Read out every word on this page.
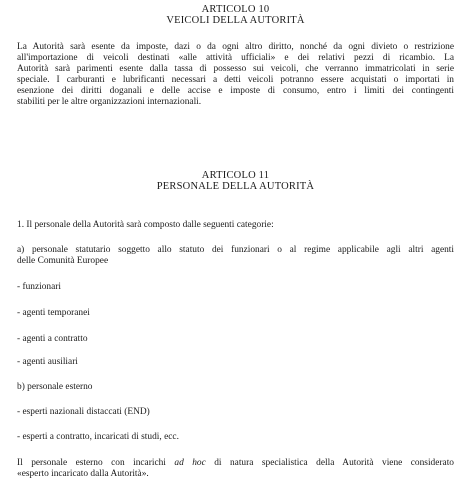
ARTICOLO 10
VEICOLI DELLA AUTORITÀ
La Autorità sarà esente da imposte, dazi o da ogni altro diritto, nonché da ogni divieto o restrizione
all'importazione di veicoli destinati «alle attività ufficiali» e dei relativi pezzi di ricambio. La
Autorità sarà parimenti esente dalla tassa di possesso sui veicoli, che verranno immatricolati in serie
speciale. I carburanti e lubrificanti necessari a detti veicoli potranno essere acquistati o importati in
esenzione dei diritti doganali e delle accise e imposte di consumo, entro i limiti dei contingenti
stabiliti per le altre organizzazioni internazionali.
ARTICOLO 11
PERSONALE DELLA AUTORITÀ

1. Il personale della Autorità sarà composto dalle seguenti categorie:

a) personale statutario soggetto allo statuto dei funzionari o al regime applicabile agli altri agenti
delle Comunità Europee

- funzionari

- agenti temporanei

- agenti a contratto

- agenti ausiliari

b) personale esterno

- esperti nazionali distaccati (END)

- esperti a contratto, incaricati di studi, ecc.

Il personale esterno con incarichi ad hoc di natura specialistica della Autorità viene considerato
«esperto incaricato dalla Autorità».
